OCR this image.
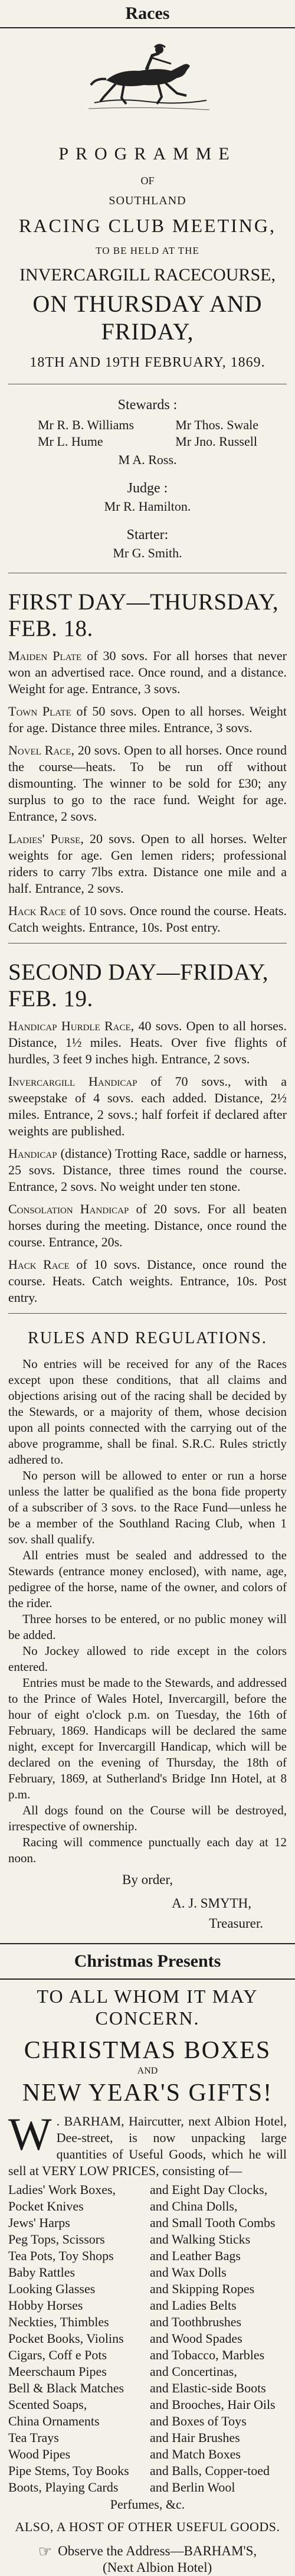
Races
PROGRAMME
OF
SOUTHLAND
RACING CLUB MEETING,
TO BE HELD AT THE
INVERCARGILL RACECOURSE,
ON THURSDAY AND FRIDAY,
18TH AND 19TH FEBRUARY, 1869.
Stewards :
Mr R. B. Williams
Mr L. Hume
Mr Thos. Swale
Mr Jno. Russell
M A. Ross.
Judge :
Mr R. Hamilton.
Starter:
Mr G. Smith.
FIRST DAY—THURSDAY, FEB. 18.

Maiden Plate of 30 sovs. For all horses that never won an advertised race. Once round, and a distance. Weight for age. Entrance, 3 sovs.

Town Plate of 50 sovs. Open to all horses. Weight for age. Distance three miles. Entrance, 3 sovs.

Novel Race, 20 sovs. Open to all horses. Once round the course—heats. To be run off without dismounting. The winner to be sold for £30; any surplus to go to the race fund. Weight for age. Entrance, 2 sovs.

Ladies' Purse, 20 sovs. Open to all horses. Welter weights for age. Gen lemen riders; professional riders to carry 7lbs extra. Distance one mile and a half. Entrance, 2 sovs.

Hack Race of 10 sovs. Once round the course. Heats. Catch weights. Entrance, 10s. Post entry.

SECOND DAY—FRIDAY, FEB. 19.

Handicap Hurdle Race, 40 sovs. Open to all horses. Distance, 1½ miles. Heats. Over five flights of hurdles, 3 feet 9 inches high. Entrance, 2 sovs.

Invercargill Handicap of 70 sovs., with a sweepstake of 4 sovs. each added. Distance, 2½ miles. Entrance, 2 sovs.; half forfeit if declared after weights are published.

Handicap (distance) Trotting Race, saddle or harness, 25 sovs. Distance, three times round the course. Entrance, 2 sovs. No weight under ten stone.

Consolation Handicap of 20 sovs. For all beaten horses during the meeting. Distance, once round the course. Entrance, 20s.

Hack Race of 10 sovs. Distance, once round the course. Heats. Catch weights. Entrance, 10s. Post entry.

RULES AND REGULATIONS.

No entries will be received for any of the Races except upon these conditions, that all claims and objections arising out of the racing shall be decided by the Stewards, or a majority of them, whose decision upon all points connected with the carrying out of the above programme, shall be final. S.R.C. Rules strictly adhered to.

No person will be allowed to enter or run a horse unless the latter be qualified as the bona fide property of a subscriber of 3 sovs. to the Race Fund—unless he be a member of the Southland Racing Club, when 1 sov. shall qualify.

All entries must be sealed and addressed to the Stewards (entrance money enclosed), with name, age, pedigree of the horse, name of the owner, and colors of the rider.

Three horses to be entered, or no public money will be added.

No Jockey allowed to ride except in the colors entered.

Entries must be made to the Stewards, and addressed to the Prince of Wales Hotel, Invercargill, before the hour of eight o'clock p.m. on Tuesday, the 16th of February, 1869. Handicaps will be declared the same night, except for Invercargill Handicap, which will be declared on the evening of Thursday, the 18th of February, 1869, at Sutherland's Bridge Inn Hotel, at 8 p.m.

All dogs found on the Course will be destroyed, irrespective of ownership.

Racing will commence punctually each day at 12 noon.

By order,
A. J. SMYTH,
Treasurer.
Christmas Presents
TO ALL WHOM IT MAY CONCERN.
CHRISTMAS BOXES
AND
NEW YEAR'S GIFTS!
W . BARHAM, Haircutter, next Albion Hotel, Dee-street, is now unpacking large quantities of Useful Goods, which he will sell at VERY LOW PRICES, consisting of—
Ladies' Work Boxes,
Pocket Knives
Jews' Harps
Peg Tops, Scissors
Tea Pots, Toy Shops
Baby Rattles
Looking Glasses
Hobby Horses
Neckties, Thimbles
Pocket Books, Violins
Cigars, Coff e Pots
Meerschaum Pipes
Bell & Black Matches
Scented Soaps,
China Ornaments
Tea Trays
Wood Pipes
Pipe Stems, Toy Books
Boots, Playing Cards
and Eight Day Clocks,
and China Dolls,
and Small Tooth Combs
and Walking Sticks
and Leather Bags
and Wax Dolls
and Skipping Ropes
and Ladies Belts
and Toothbrushes
and Wood Spades
and Tobacco, Marbles
and Concertinas,
and Elastic-side Boots
and Brooches, Hair Oils
and Boxes of Toys
and Hair Brushes
and Match Boxes
and Balls, Copper-toed
and Berlin Wool
Perfumes, &c.
ALSO, A HOST OF OTHER USEFUL GOODS.
☞ Observe the Address—BARHAM'S,
(Next Albion Hotel)
